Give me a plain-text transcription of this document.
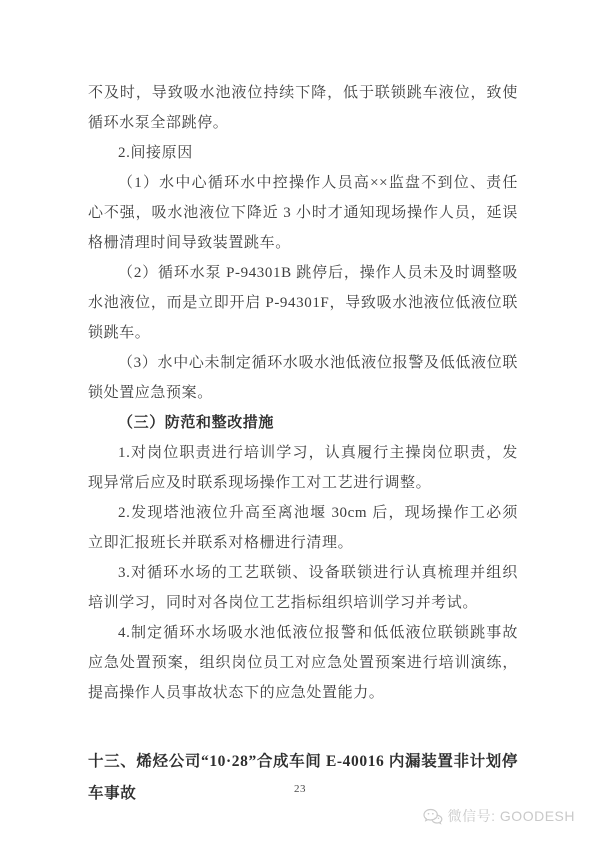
不及时，导致吸水池液位持续下降，低于联锁跳车液位，致使循环水泵全部跳停。

2.间接原因

（1）水中心循环水中控操作人员高××监盘不到位、责任心不强，吸水池液位下降近 3 小时才通知现场操作人员，延误格栅清理时间导致装置跳车。

（2）循环水泵 P-94301B 跳停后，操作人员未及时调整吸水池液位，而是立即开启 P-94301F，导致吸水池液位低液位联锁跳车。

（3）水中心未制定循环水吸水池低液位报警及低低液位联锁处置应急预案。

（三）防范和整改措施

1.对岗位职责进行培训学习，认真履行主操岗位职责，发现异常后应及时联系现场操作工对工艺进行调整。

2.发现塔池液位升高至离池堰 30cm 后，现场操作工必须立即汇报班长并联系对格栅进行清理。

3.对循环水场的工艺联锁、设备联锁进行认真梳理并组织培训学习，同时对各岗位工艺指标组织培训学习并考试。

4.制定循环水场吸水池低液位报警和低低液位联锁跳事故应急处置预案，组织岗位员工对应急处置预案进行培训演练，提高操作人员事故状态下的应急处置能力。

十三、烯烃公司“10·28”合成车间 E-40016 内漏装置非计划停车事故	23
微信号: GOODESH
